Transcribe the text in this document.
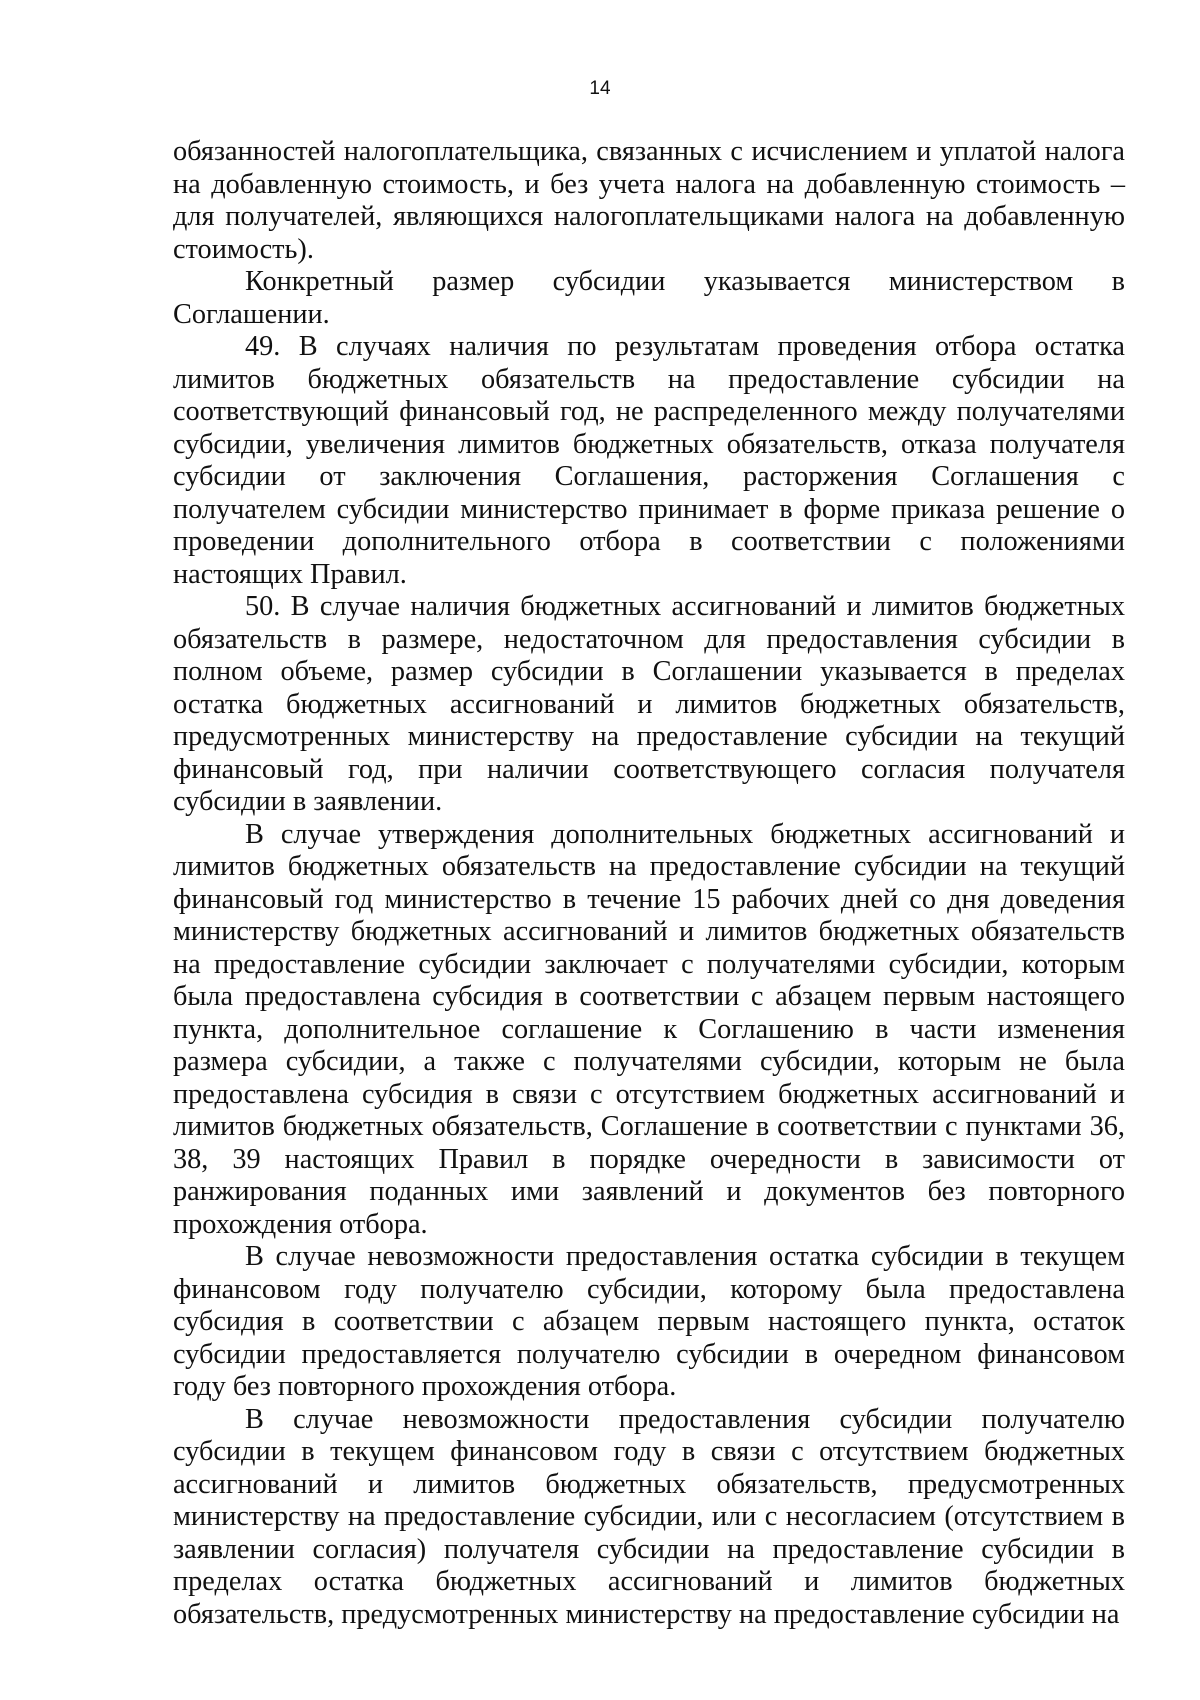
14

обязанностей налогоплательщика, связанных с исчислением и уплатой налога на добавленную стоимость, и без учета налога на добавленную стоимость – для получателей, являющихся налогоплательщиками налога на добавленную стоимость).

Конкретный размер субсидии указывается министерством в Соглашении.

49. В случаях наличия по результатам проведения отбора остатка лимитов бюджетных обязательств на предоставление субсидии на соответствующий финансовый год, не распределенного между получателями субсидии, увеличения лимитов бюджетных обязательств, отказа получателя субсидии от заключения Соглашения, расторжения Соглашения с получателем субсидии министерство принимает в форме приказа решение о проведении дополнительного отбора в соответствии с положениями настоящих Правил.

50. В случае наличия бюджетных ассигнований и лимитов бюджетных обязательств в размере, недостаточном для предоставления субсидии в полном объеме, размер субсидии в Соглашении указывается в пределах остатка бюджетных ассигнований и лимитов бюджетных обязательств, предусмотренных министерству на предоставление субсидии на текущий финансовый год, при наличии соответствующего согласия получателя субсидии в заявлении.

В случае утверждения дополнительных бюджетных ассигнований и лимитов бюджетных обязательств на предоставление субсидии на текущий финансовый год министерство в течение 15 рабочих дней со дня доведения министерству бюджетных ассигнований и лимитов бюджетных обязательств на предоставление субсидии заключает с получателями субсидии, которым была предоставлена субсидия в соответствии с абзацем первым настоящего пункта, дополнительное соглашение к Соглашению в части изменения размера субсидии, а также с получателями субсидии, которым не была предоставлена субсидия в связи с отсутствием бюджетных ассигнований и лимитов бюджетных обязательств, Соглашение в соответствии с пунктами 36, 38, 39 настоящих Правил в порядке очередности в зависимости от ранжирования поданных ими заявлений и документов без повторного прохождения отбора.

В случае невозможности предоставления остатка субсидии в текущем финансовом году получателю субсидии, которому была предоставлена субсидия в соответствии с абзацем первым настоящего пункта, остаток субсидии предоставляется получателю субсидии в очередном финансовом году без повторного прохождения отбора.

В случае невозможности предоставления субсидии получателю субсидии в текущем финансовом году в связи с отсутствием бюджетных ассигнований и лимитов бюджетных обязательств, предусмотренных министерству на предоставление субсидии, или с несогласием (отсутствием в заявлении согласия) получателя субсидии на предоставление субсидии в пределах остатка бюджетных ассигнований и лимитов бюджетных обязательств, предусмотренных министерству на предоставление субсидии на
